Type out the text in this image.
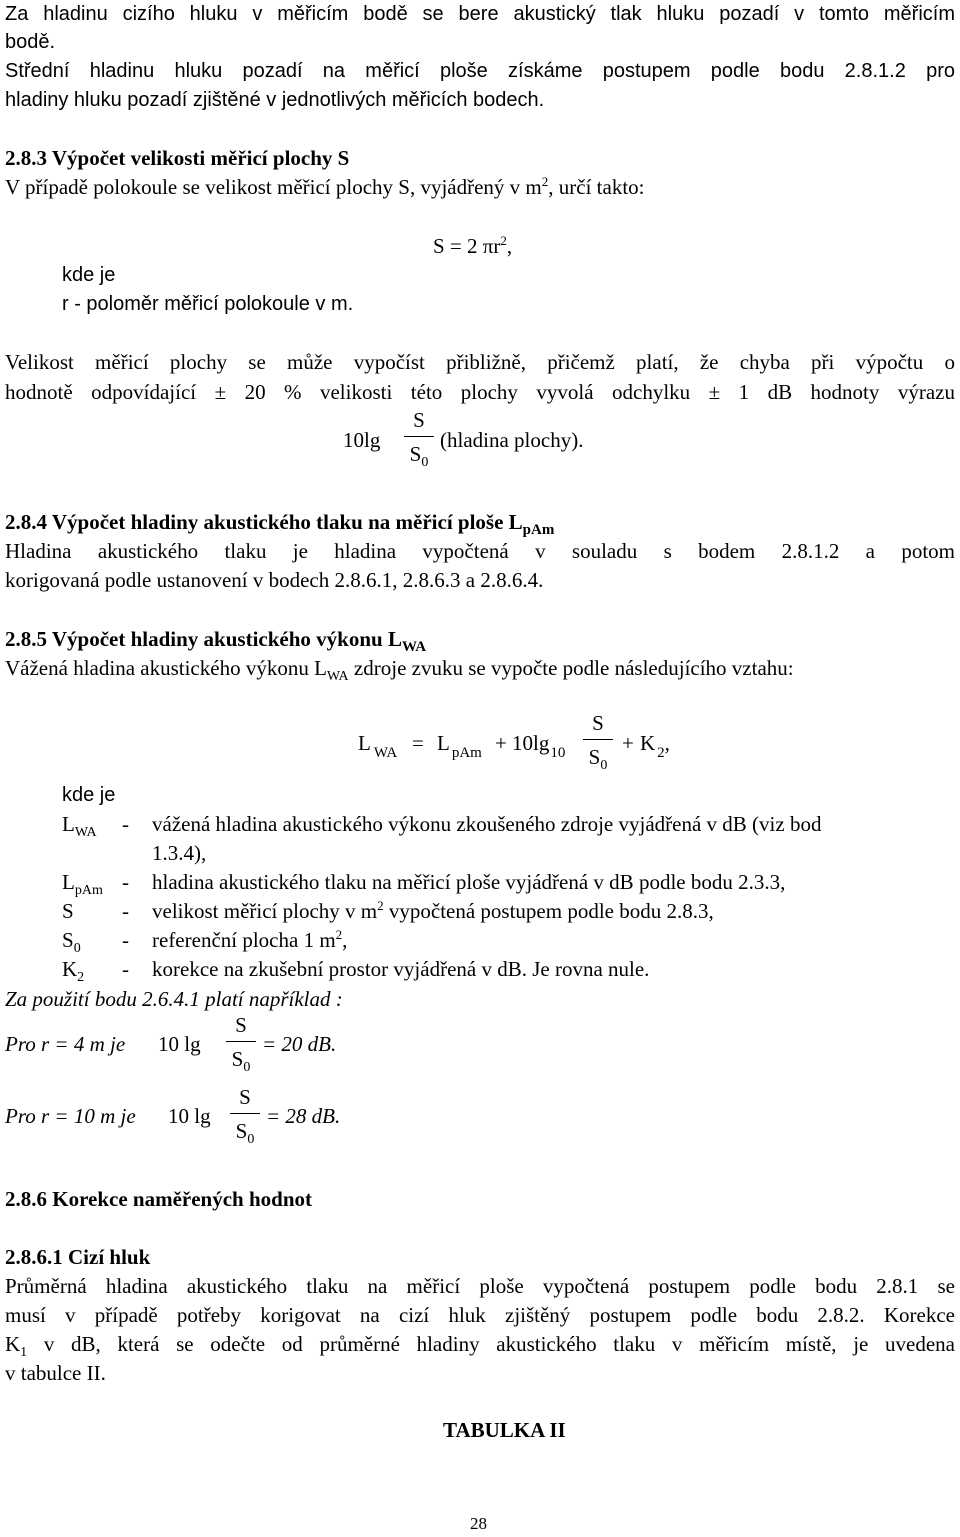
Za hladinu cizího hluku v měřicím bodě se bere akustický tlak hluku pozadí v tomto měřicím
bodě.
Střední hladinu hluku pozadí na měřicí ploše získáme postupem podle bodu 2.8.1.2 pro
hladiny hluku pozadí zjištěné v jednotlivých měřicích bodech.
2.8.3 Výpočet velikosti měřicí plochy S
V případě polokoule se velikost měřicí plochy S, vyjádřený v $m^2$, určí takto:
S = 2 $\pi r^2$,
kde je
r - poloměr měřicí polokoule v m.
Velikost měřicí plochy se může vypočíst přibližně, přičemž platí, že chyba při výpočtu o
hodnotě odpovídající ± 20 % velikosti této plochy vyvolá odchylku ± 1 dB hodnoty výrazu
10lg
S
$S_0$
(hladina plochy).
2.8.4 Výpočet hladiny akustického tlaku na měřicí ploše $L_{pAm}$
Hladina akustického tlaku je hladina vypočtená v souladu s bodem 2.8.1.2 a potom
korigovaná podle ustanovení v bodech 2.8.6.1, 2.8.6.3 a 2.8.6.4.
2.8.5 Výpočet hladiny akustického výkonu $L_{WA}$
Vážená hladina akustického výkonu $L_{WA}$ zdroje zvuku se vypočte podle následujícího vztahu:
L $_{WA}$ = L $_{pAm} + 10\lg_{10}$
S
$S_0$
+ K $_2$,
kde je
$L_{WA}$ - vážená hladina akustického výkonu zkoušeného zdroje vyjádřená v dB (viz bod
1.3.4),
$L_{pAm}$ - hladina akustického tlaku na měřicí ploše vyjádřená v dB podle bodu 2.3.3,
S - velikost měřicí plochy v $m^2$ vypočtená postupem podle bodu 2.8.3,
$S_0$ - referenční plocha 1 $m^2$,
$K_2$ - korekce na zkušební prostor vyjádřená v dB. Je rovna nule.
Za použití bodu 2.6.4.1 platí například :
Pro r = 4 m je 10 lg
S
$S_0$
= 20 dB.
Pro r = 10 m je 10 lg
S
$S_0$
= 28 dB.
2.8.6 Korekce naměřených hodnot
2.8.6.1 Cizí hluk
Průměrná hladina akustického tlaku na měřicí ploše vypočtená postupem podle bodu 2.8.1 se
musí v případě potřeby korigovat na cizí hluk zjištěný postupem podle bodu 2.8.2. Korekce
$K_1$ v dB, která se odečte od průměrné hladiny akustického tlaku v měřicím místě, je uvedena
v tabulce II.
TABULKA II
28
